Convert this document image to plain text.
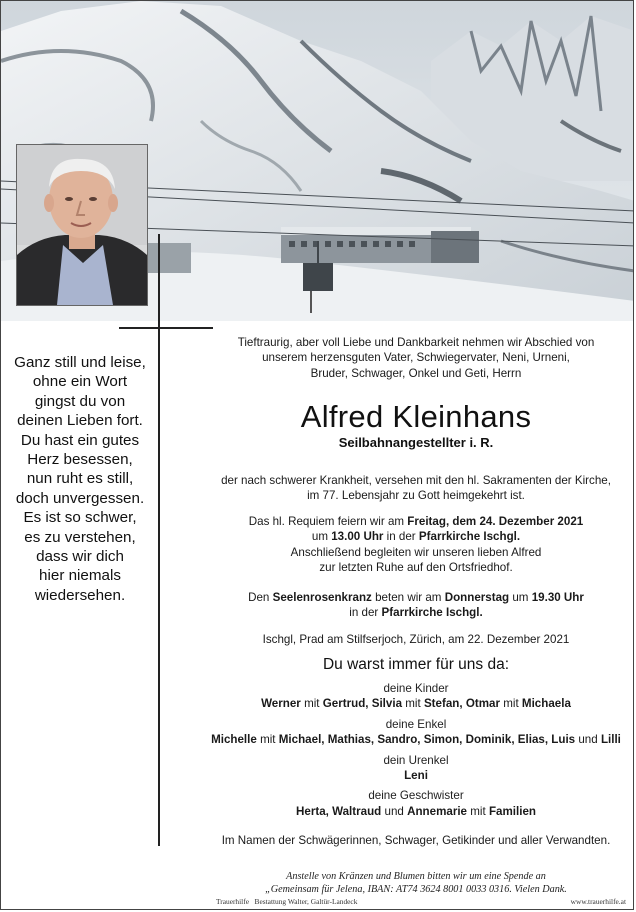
Ganz still und leise,
ohne ein Wort
gingst du von
deinen Lieben fort.
Du hast ein gutes
Herz besessen,
nun ruht es still,
doch unvergessen.
Es ist so schwer,
es zu verstehen,
dass wir dich
hier niemals
wiedersehen.
Tieftraurig, aber voll Liebe und Dankbarkeit nehmen wir Abschied von
unserem herzensguten Vater, Schwiegervater, Neni, Urneni,
Bruder, Schwager, Onkel und Geti, Herrn
Alfred Kleinhans
Seilbahnangestellter i. R.
der nach schwerer Krankheit, versehen mit den hl. Sakramenten der Kirche,
im 77. Lebensjahr zu Gott heimgekehrt ist.
Das hl. Requiem feiern wir am Freitag, dem 24. Dezember 2021
um 13.00 Uhr in der Pfarrkirche Ischgl.
Anschließend begleiten wir unseren lieben Alfred
zur letzten Ruhe auf den Ortsfriedhof.
Den Seelenrosenkranz beten wir am Donnerstag um 19.30 Uhr
in der Pfarrkirche Ischgl.
Ischgl, Prad am Stilfserjoch, Zürich, am 22. Dezember 2021
Du warst immer für uns da:
deine Kinder
Werner mit Gertrud, Silvia mit Stefan, Otmar mit Michaela
deine Enkel
Michelle mit Michael, Mathias, Sandro, Simon, Dominik, Elias, Luis und Lilli
dein Urenkel
Leni
deine Geschwister
Herta, Waltraud und Annemarie mit Familien
Im Namen der Schwägerinnen, Schwager, Getikinder und aller Verwandten.
Anstelle von Kränzen und Blumen bitten wir um eine Spende an
„Gemeinsam für Jelena, IBAN: AT74 3624 8001 0033 0316. Vielen Dank.
Trauerhilfe   Bestattung Walter, Galtür-Landeck	www.trauerhilfe.at
